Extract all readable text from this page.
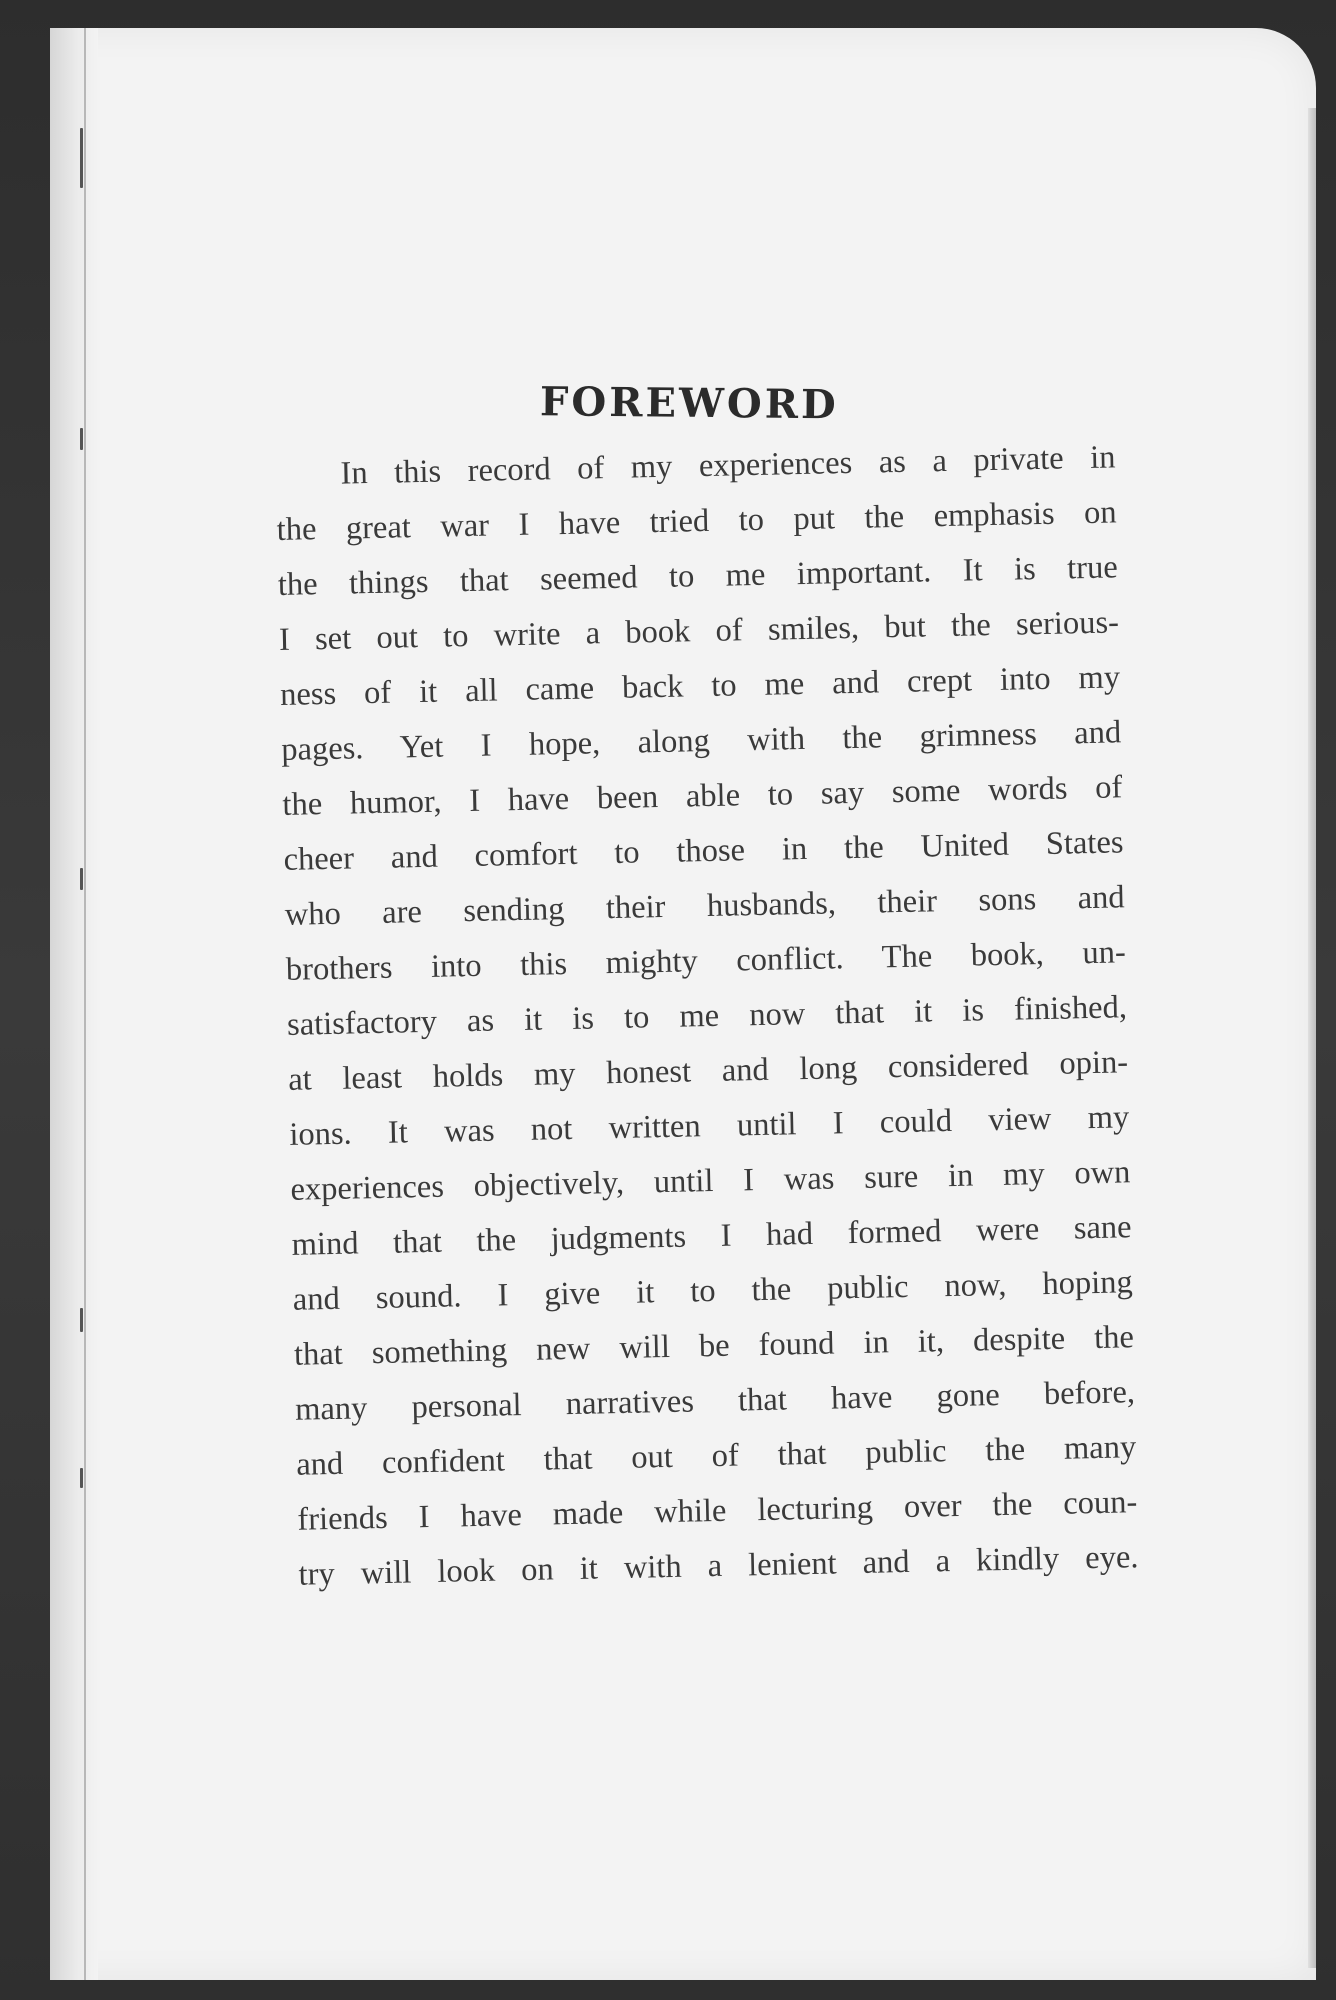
FOREWORD
In this record of my experiences as a private in
the great war I have tried to put the emphasis on
the things that seemed to me important. It is true
I set out to write a book of smiles, but the serious-
ness of it all came back to me and crept into my
pages. Yet I hope, along with the grimness and
the humor, I have been able to say some words of
cheer and comfort to those in the United States
who are sending their husbands, their sons and
brothers into this mighty conflict. The book, un-
satisfactory as it is to me now that it is finished,
at least holds my honest and long considered opin-
ions. It was not written until I could view my
experiences objectively, until I was sure in my own
mind that the judgments I had formed were sane
and sound. I give it to the public now, hoping
that something new will be found in it, despite the
many personal narratives that have gone before,
and confident that out of that public the many
friends I have made while lecturing over the coun-
try will look on it with a lenient and a kindly eye.
